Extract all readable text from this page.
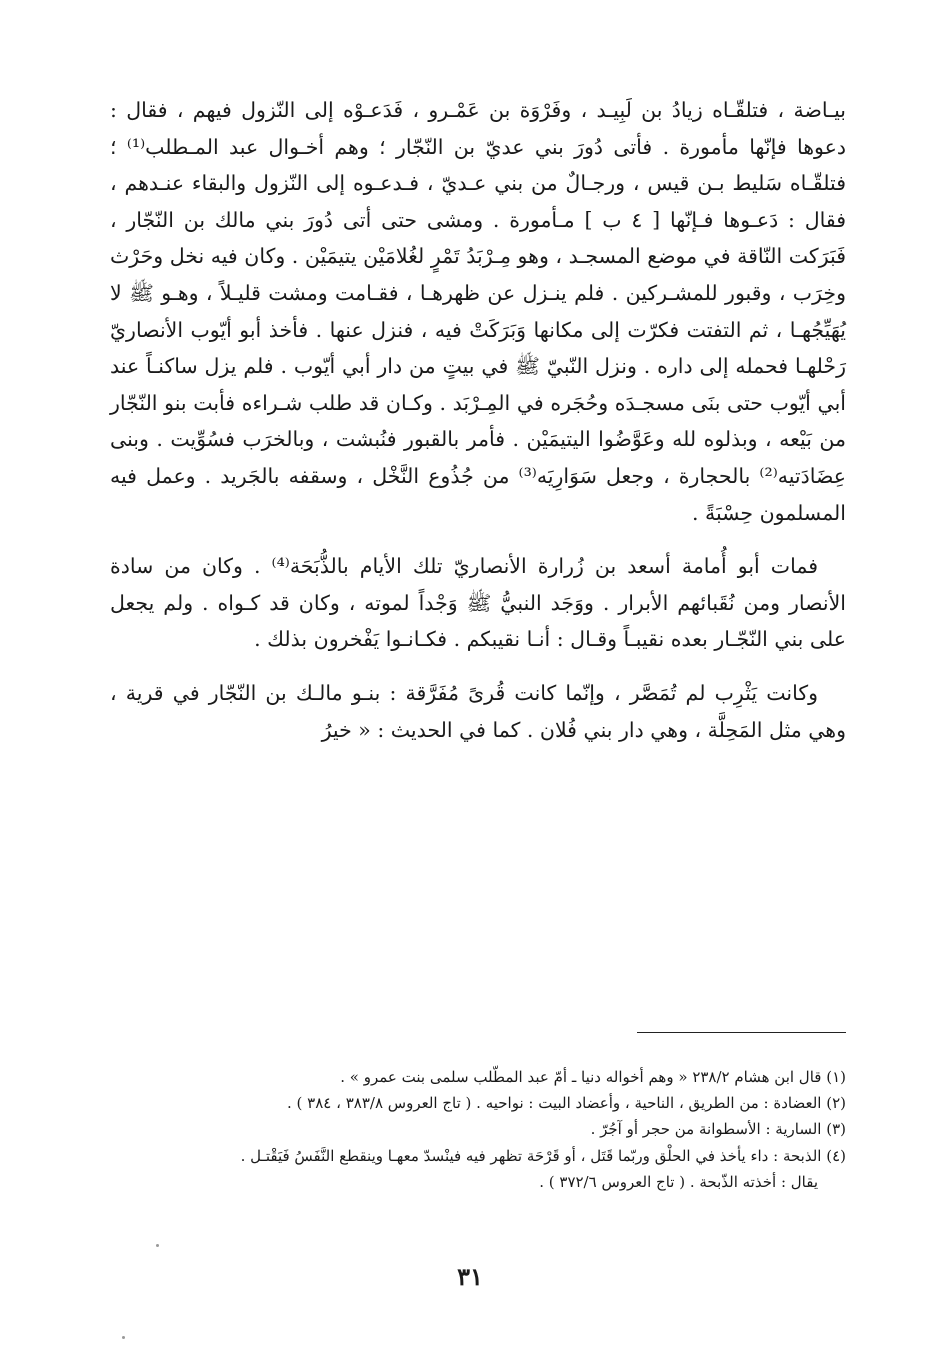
بيـاضة ، فتلقّـاه زيادُ بن لَبِيـد ، وفَرْوَة بن عَمْـرو ، فَدَعـوْه إلى النّزول فيهم ، فقال : دعوها فإنّها مأمورة . فأتى دُورَ بني عديّ بن النّجّار ؛ وهم أخـوال عبد المـطلب⁽¹⁾ ؛ فتلقّـاه سَليط بـن قيس ، ورجـالٌ من بني عـديّ ، فـدعـوه إلى النّزول والبقاء عنـدهم ، فقال : دَعـوها فـإنّها [ ٤ ب ] مـأمورة . ومشى حتى أتى دُورَ بني مالك بن النّجّار ، فَبَرَكت النّاقة في موضع المسجـد ، وهو مِـرْبَدُ تَمْرٍ لغُلامَيْن يتيمَيْن . وكان فيه نخل وحَرْث وخِرَب ، وقبور للمشـركين . فلم ينـزل عن ظهرهـا ، فقـامت ومشت قليـلاً ، وهـو ﷺ لا يُهَيِّجُهـا ، ثم التفتت فكرّت إلى مكانها وَبَرَكَتْ فيه ، فنزل عنها . فأخذ أبو أيّوب الأنصاريّ رَحْلهـا فحمله إلى داره . ونزل النّبيّ ﷺ في بيتٍ من دار أبي أيّوب . فلم يزل ساكنـاً عند أبي أيّوب حتى بنَى مسجـدَه وحُجَره في المِـرْبَد . وكـان قد طلب شـراءه فأبت بنو النّجّار من بَيْعه ، وبذلوه لله وعَوَّضُوا اليتيمَيْن . فأمر بالقبور فنُبشت ، وبالخرَب فسُوِّيت . وبنى عِضَادَتيه⁽²⁾ بالحجارة ، وجعل سَوَارِيَه⁽³⁾ من جُذُوع النَّخْل ، وسقفه بالجَريد . وعمل فيه المسلمون حِسْبَةً .

فمات أبو أُمامة أسعد بن زُرارة الأنصاريّ تلك الأيام بالذُّبَحَة⁽⁴⁾ . وكان من سادة الأنصار ومن نُقَبائهم الأبرار . ووَجَد النبيُّ ﷺ وَجْداً لموته ، وكان قد كـواه . ولم يجعل على بني النّجّـار بعده نقيبـاً وقـال : أنـا نقيبكم . فكـانـوا يَفْخرون بذلك .

وكانت يَثْرِب لم تُمَصَّر ، وإنّما كانت قُرىً مُفَرَّقة : بنـو مالـك بن النّجّار في قرية ، وهي مثل المَحِلَّة ، وهي دار بني فُلان . كما في الحديث : « خيرُ

(١) قال ابن هشام ٢٣٨/٢ « وهم أخواله دنيا ـ أمّ عبد المطّلب سلمى بنت عمرو » .

(٢) العضادة : من الطريق ، الناحية ، وأعضاد البيت : نواحيه . ( تاج العروس ٣٨٣/٨ ، ٣٨٤ ) .

(٣) السارية : الأسطوانة من حجر أو آجُرّ .

(٤) الذبحة : داء يأخذ في الحلْق وربّما قَتَل ، أو قَرْحَة تظهر فيه فينْسدّ معهـا وينقطع النَّفَسُ فَيَقْتـل .

يقال : أخذته الذّبحة . ( تاج العروس ٣٧٢/٦ ) .

٣١
